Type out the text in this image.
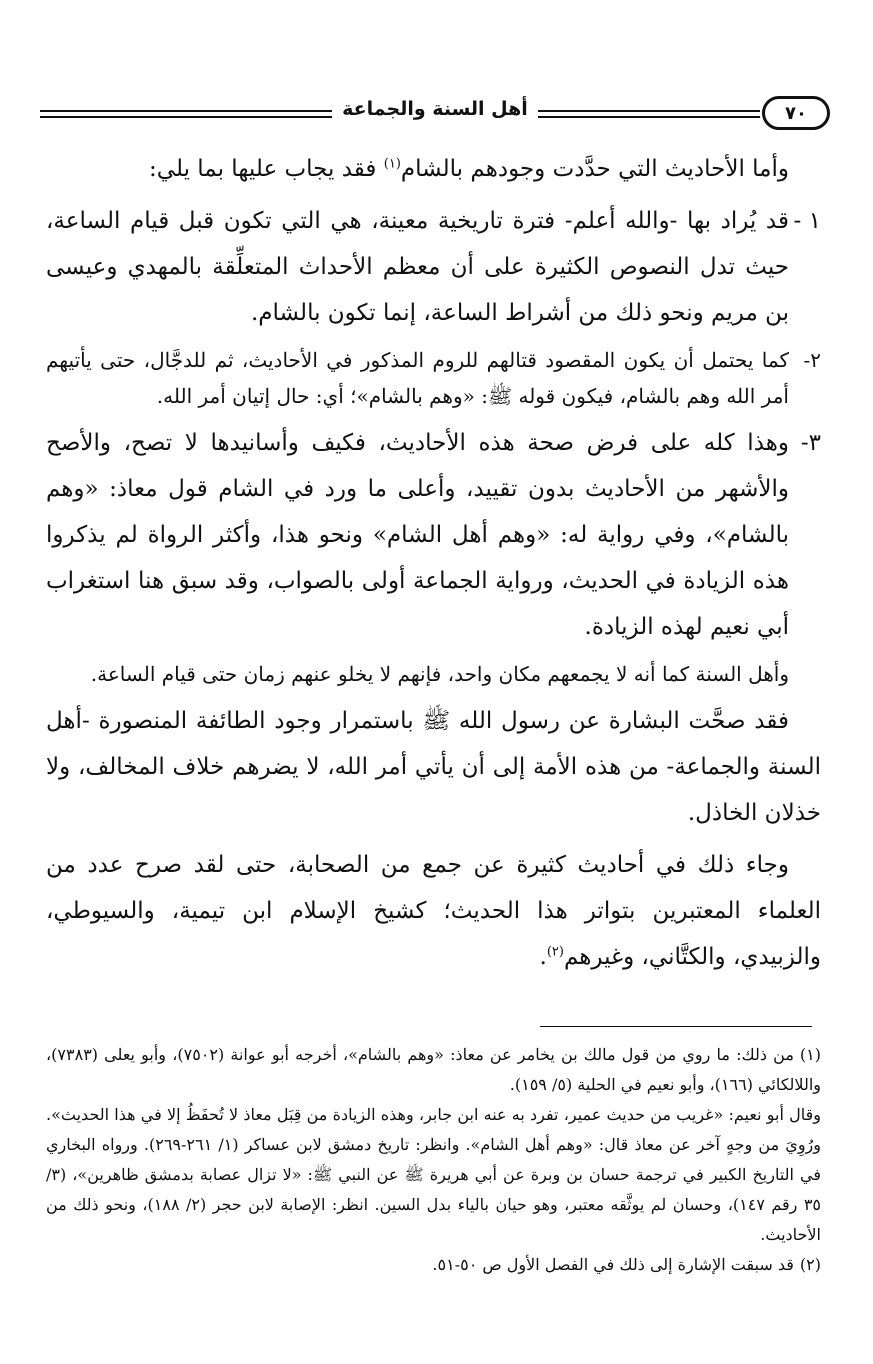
أهل السنة والجماعة	٧٠

وأما الأحاديث التي حدَّدت وجودهم بالشام$^{(١)}$ فقد يجاب عليها بما يلي:

١ -
قد يُراد بها -والله أعلم- فترة تاريخية معينة، هي التي تكون قبل قيام الساعة، حيث تدل النصوص الكثيرة على أن معظم الأحداث المتعلِّقة بالمهدي وعيسى بن مريم ونحو ذلك من أشراط الساعة، إنما تكون بالشام.

٢-
كما يحتمل أن يكون المقصود قتالهم للروم المذكور في الأحاديث، ثم للدجَّال، حتى يأتيهم أمر الله وهم بالشام، فيكون قوله ﷺ: «وهم بالشام»؛ أي: حال إتيان أمر الله.

٣-
وهذا كله على فرض صحة هذه الأحاديث، فكيف وأسانيدها لا تصح، والأصح والأشهر من الأحاديث بدون تقييد، وأعلى ما ورد في الشام قول معاذ: «وهم بالشام»، وفي رواية له: «وهم أهل الشام» ونحو هذا، وأكثر الرواة لم يذكروا هذه الزيادة في الحديث، ورواية الجماعة أولى بالصواب، وقد سبق هنا استغراب أبي نعيم لهذه الزيادة.

وأهل السنة كما أنه لا يجمعهم مكان واحد، فإنهم لا يخلو عنهم زمان حتى قيام الساعة.

فقد صحَّت البشارة عن رسول الله ﷺ باستمرار وجود الطائفة المنصورة -أهل السنة والجماعة- من هذه الأمة إلى أن يأتي أمر الله، لا يضرهم خلاف المخالف، ولا خذلان الخاذل.

وجاء ذلك في أحاديث كثيرة عن جمع من الصحابة، حتى لقد صرح عدد من العلماء المعتبرين بتواتر هذا الحديث؛ كشيخ الإسلام ابن تيمية، والسيوطي، والزبيدي، والكتَّاني، وغيرهم$^{(٢)}$.

(١)من ذلك: ما روي من قول مالك بن يخامر عن معاذ: «وهم بالشام»، أخرجه أبو عوانة (٧٥٠٢)، وأبو يعلى (٧٣٨٣)، واللالكائي (١٦٦)، وأبو نعيم في الحلية (٥/ ١٥٩).

وقال أبو نعيم: «غريب من حديث عمير، تفرد به عنه ابن جابر، وهذه الزيادة من قِبَل معاذ لا تُحفَظُ إلا في هذا الحديث». ورُوِيَ من وجهٍ آخر عن معاذ قال: «وهم أهل الشام». وانظر: تاريخ دمشق لابن عساكر (١/ ٢٦١-٢٦٩). ورواه البخاري في التاريخ الكبير في ترجمة حسان بن وبرة عن أبي هريرة ﷺ عن النبي ﷺ: «لا تزال عصابة بدمشق ظاهرين»، (٣/ ٣٥ رقم ١٤٧)، وحسان لم يوثَّقه معتبر، وهو حيان بالياء بدل السين. انظر: الإصابة لابن حجر (٢/ ١٨٨)، ونحو ذلك من الأحاديث.

(٢)قد سبقت الإشارة إلى ذلك في الفصل الأول ص ٥٠-٥١.
